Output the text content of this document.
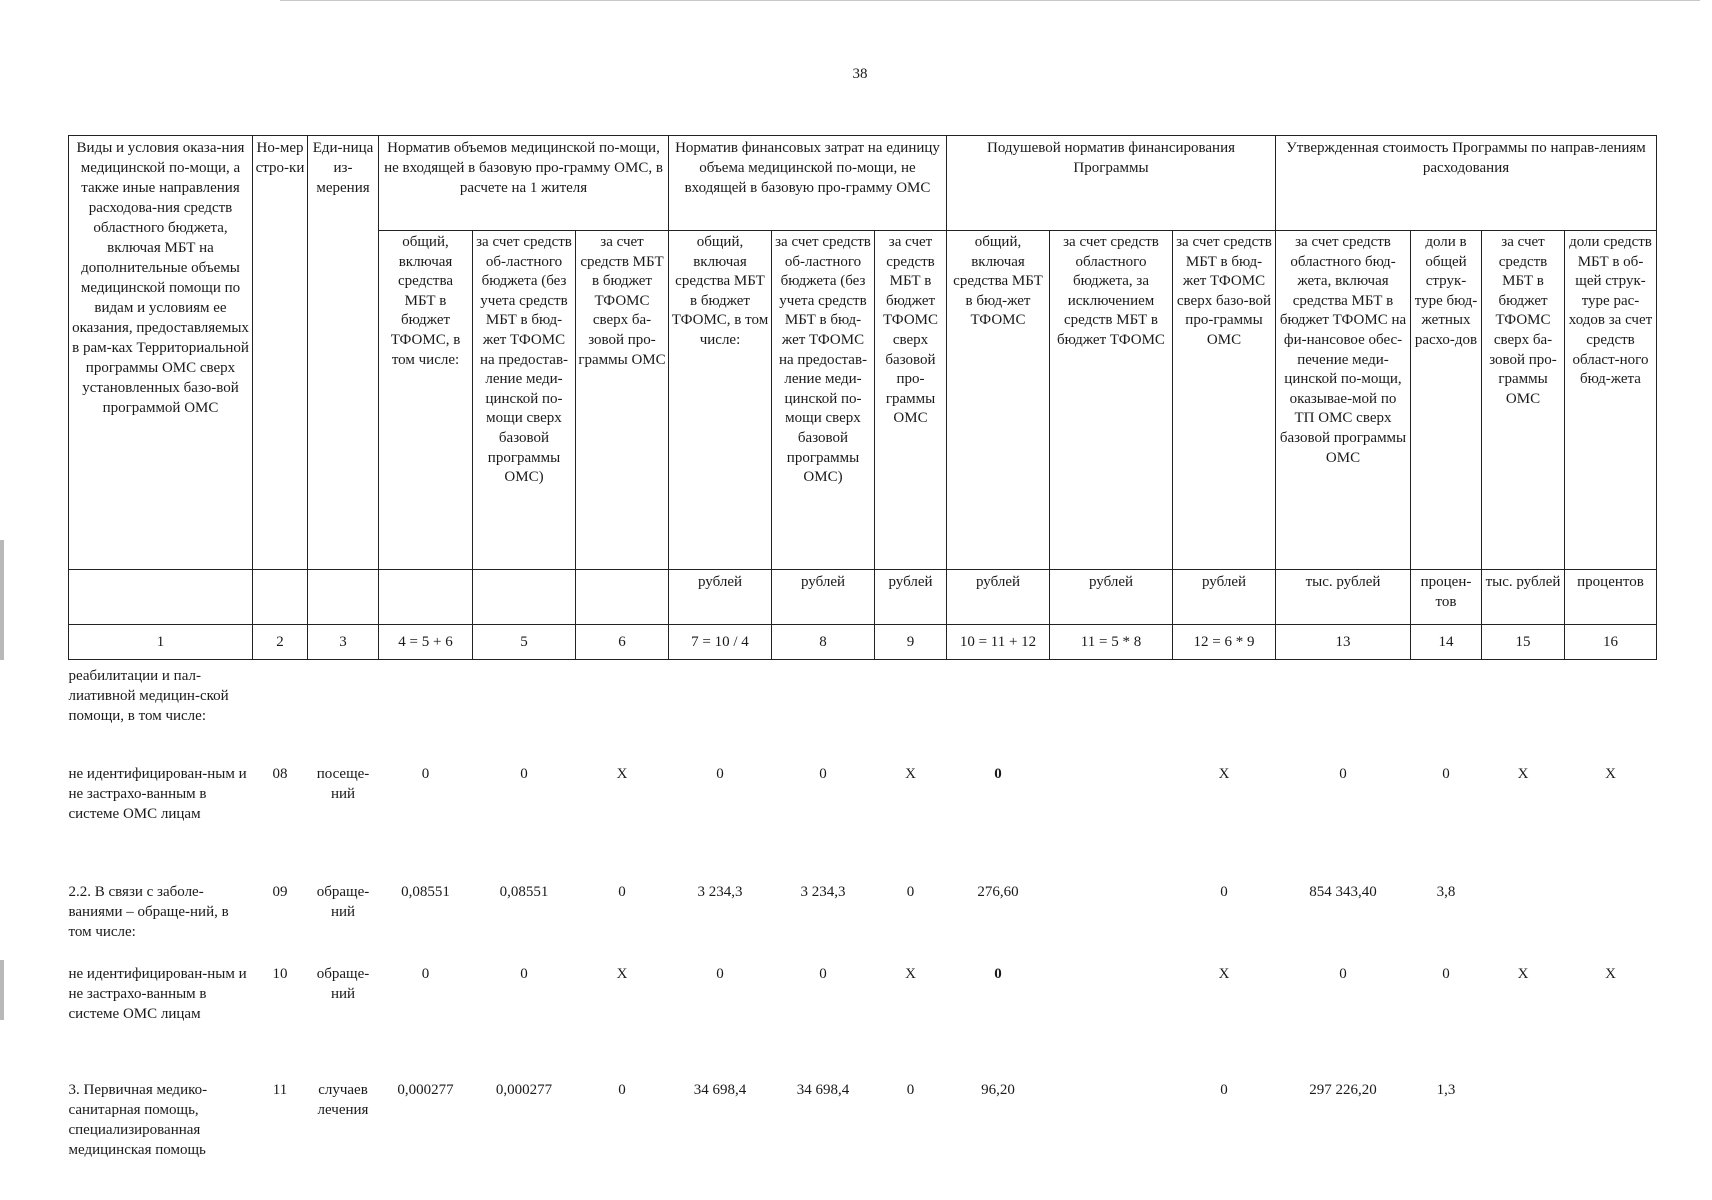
38
Виды и условия оказа-ния медицинской по-мощи, а также иные направления расходова-ния средств областного бюджета, включая МБТ на дополнительные объемы медицинской помощи по видам и условиям ее оказания, предоставляемых в рам-ках Территориальной программы ОМС сверх установленных базо-вой программой ОМС	Но-мер стро-ки	Еди-ница из-мерения	Норматив объемов медицинской по-мощи, не входящей в базовую про-грамму ОМС, в расчете на 1 жителя			Норматив финансовых затрат на единицу объема медицинской по-мощи, не входящей в базовую про-грамму ОМС			Подушевой норматив финансирования Программы			Утвержденная стоимость Программы по направ-лениям расходования			
			общий, включая средства МБТ в бюджет ТФОМС, в том числе:	за счет средств об-ластного бюджета (без учета средств МБТ в бюд-жет ТФОМС на предостав-ление меди-цинской по-мощи сверх базовой программы ОМС)	за счет средств МБТ в бюджет ТФОМС сверх ба-зовой про-граммы ОМС	общий, включая средства МБТ в бюджет ТФОМС, в том числе:	за счет средств об-ластного бюджета (без учета средств МБТ в бюд-жет ТФОМС на предостав-ление меди-цинской по-мощи сверх базовой программы ОМС)	за счет средств МБТ в бюджет ТФОМС сверх базовой про-граммы ОМС	общий, включая средства МБТ в бюд-жет ТФОМС	за счет средств областного бюджета, за исключением средств МБТ в бюджет ТФОМС	за счет средств МБТ в бюд-жет ТФОМС сверх базо-вой про-граммы ОМС	за счет средств областного бюд-жета, включая средства МБТ в бюджет ТФОМС на фи-нансовое обес-печение меди-цинской по-мощи, оказывае-мой по ТП ОМС сверх базовой программы ОМС	доли в общей струк-туре бюд-жетных расхо-дов	за счет средств МБТ в бюджет ТФОМС сверх ба-зовой про-граммы ОМС	доли средств МБТ в об-щей струк-туре рас-ходов за счет средств област-ного бюд-жета
						рублей	рублей	рублей	рублей	рублей	рублей	тыс. рублей	процен-тов	тыс. рублей	процентов
1	2	3	4 = 5 + 6	5	6	7 = 10 / 4	8	9	10 = 11 + 12	11 = 5 * 8	12 = 6 * 9	13	14	15	16
реабилитации и пал-лиативной медицин-ской помощи, в том числе:															
не идентифицирован-ным и не застрахо-ванным в системе ОМС лицам	08	посеще-ний	0	0	X	0	0	X	0		X	0	0	X	X
2.2. В связи с заболе-ваниями – обраще-ний, в том числе:	09	обраще-ний	0,08551	0,08551	0	3 234,3	3 234,3	0	276,60		0	854 343,40	3,8		
не идентифицирован-ным и не застрахо-ванным в системе ОМС лицам	10	обраще-ний	0	0	X	0	0	X	0		X	0	0	X	X
3. Первичная медико-санитарная помощь, специализированная медицинская помощь	11	случаев лечения	0,000277	0,000277	0	34 698,4	34 698,4	0	96,20		0	297 226,20	1,3		
